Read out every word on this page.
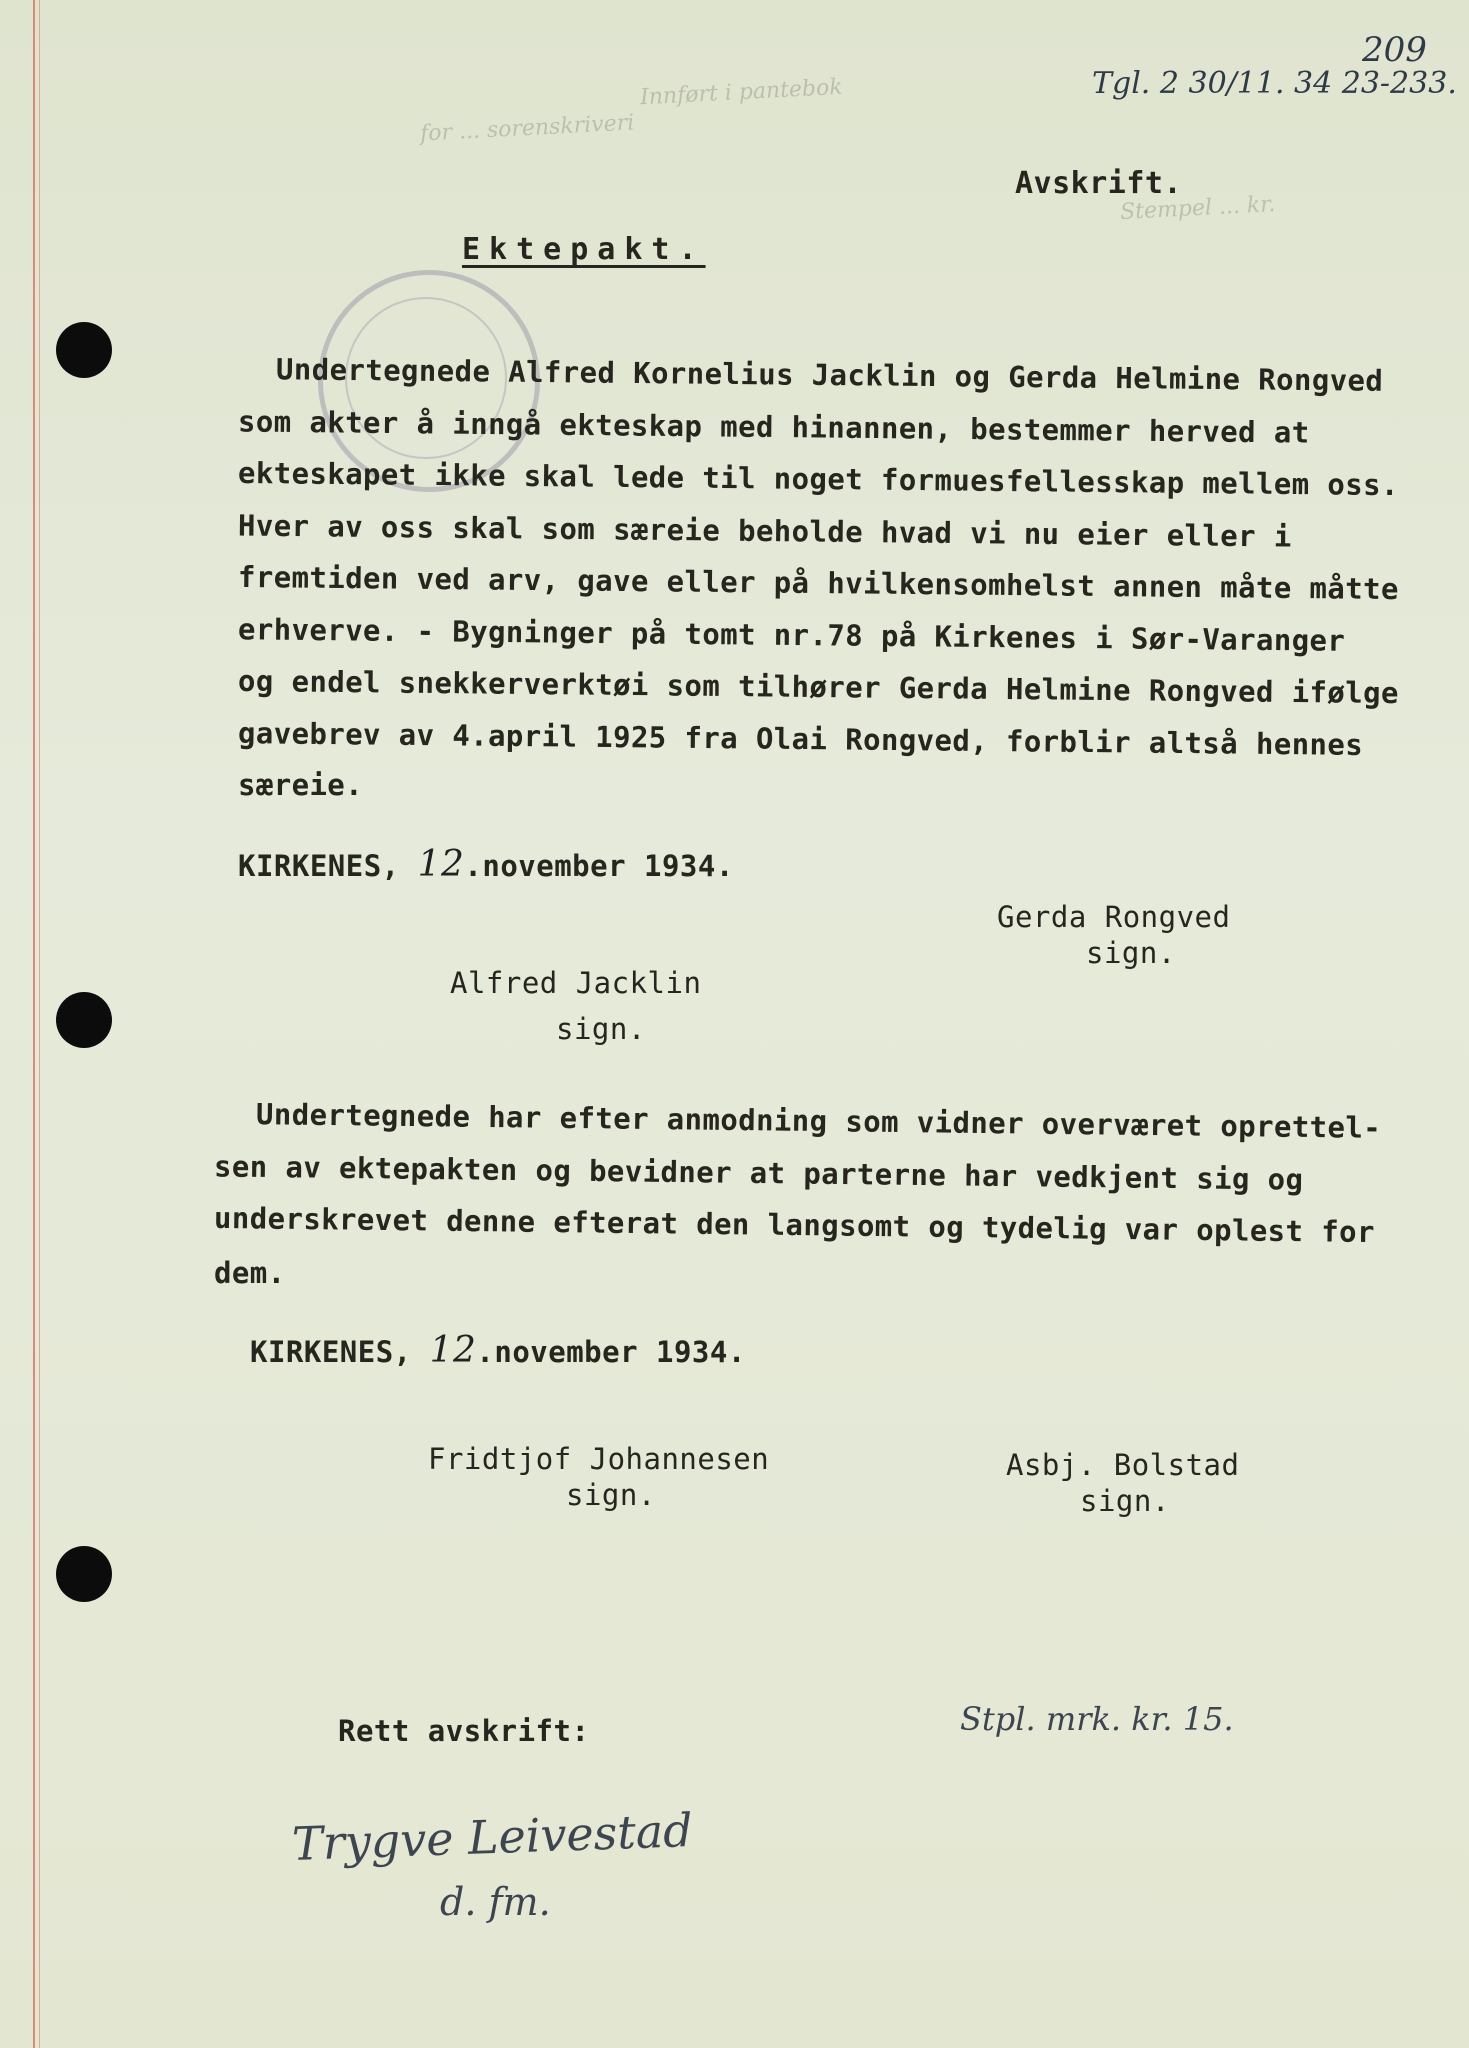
Innført i pantebok
for ... sorenskriveri
Stempel ... kr.
209
Tgl. 2 30/11. 34 23-233.
Avskrift.
Ektepakt.
Undertegnede Alfred Kornelius Jacklin og Gerda Helmine Rongved
som akter å inngå ekteskap med hinannen, bestemmer herved at
ekteskapet ikke skal lede til noget formuesfellesskap mellem oss.
Hver av oss skal som særeie beholde hvad vi nu eier eller i
fremtiden ved arv, gave eller på hvilkensomhelst annen måte måtte
erhverve. - Bygninger på tomt nr.78 på Kirkenes i Sør-Varanger
og endel snekkerverktøi som tilhører Gerda Helmine Rongved ifølge
gavebrev av 4.april 1925 fra Olai Rongved, forblir altså hennes
særeie.
KIRKENES, 12.november 1934.
Gerda Rongved
sign.
Alfred Jacklin
sign.
Undertegnede har efter anmodning som vidner overværet oprettel-
sen av ektepakten og bevidner at parterne har vedkjent sig og
underskrevet denne efterat den langsomt og tydelig var oplest for
dem.
KIRKENES, 12.november 1934.
Fridtjof Johannesen
sign.
Asbj. Bolstad
sign.
Rett avskrift:	Stpl. mrk. kr. 15.
Trygve Leivestad
d. fm.
